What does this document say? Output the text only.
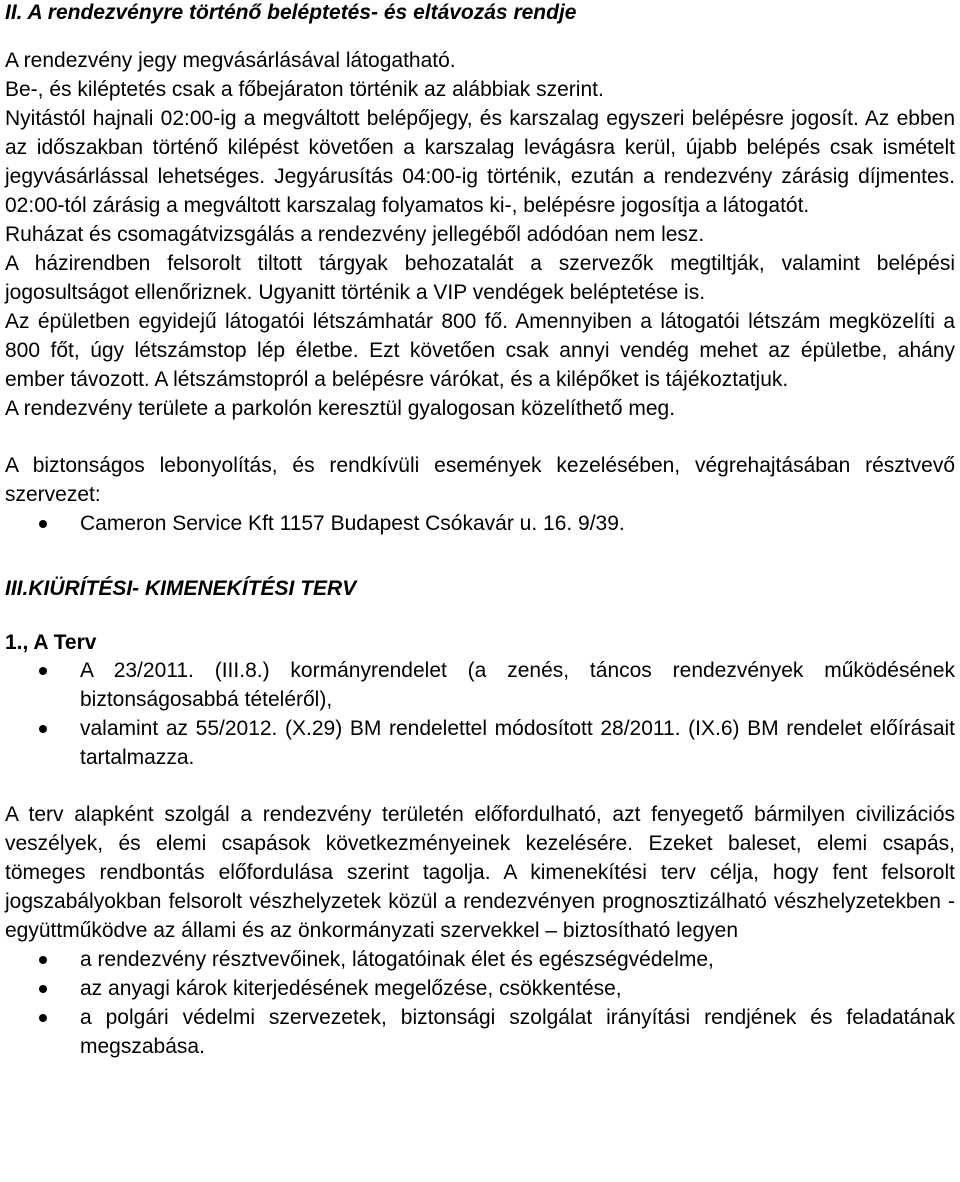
II. A rendezvényre történő beléptetés- és eltávozás rendje

A rendezvény jegy megvásárlásával látogatható.

Be-, és kiléptetés csak a főbejáraton történik az alábbiak szerint.

Nyitástól hajnali 02:00-ig a megváltott belépőjegy, és karszalag egyszeri belépésre jogosít. Az ebben az időszakban történő kilépést követően a karszalag levágásra kerül, újabb belépés csak ismételt jegyvásárlással lehetséges. Jegyárusítás 04:00-ig történik, ezután a rendezvény zárásig díjmentes. 02:00-tól zárásig a megváltott karszalag folyamatos ki-, belépésre jogosítja a látogatót.

Ruházat és csomagátvizsgálás a rendezvény jellegéből adódóan nem lesz.

A házirendben felsorolt tiltott tárgyak behozatalát a szervezők megtiltják, valamint belépési jogosultságot ellenőriznek. Ugyanitt történik a VIP vendégek beléptetése is.

Az épületben egyidejű látogatói létszámhatár 800 fő. Amennyiben a látogatói létszám megközelíti a 800 főt, úgy létszámstop lép életbe. Ezt követően csak annyi vendég mehet az épületbe, ahány ember távozott. A létszámstopról a belépésre várókat, és a kilépőket is tájékoztatjuk.

A rendezvény területe a parkolón keresztül gyalogosan közelíthető meg.

A biztonságos lebonyolítás, és rendkívüli események kezelésében, végrehajtásában résztvevő szervezet:

Cameron Service Kft 1157 Budapest Csókavár u. 16. 9/39.
III.KIÜRÍTÉSI- KIMENEKÍTÉSI TERV
1., A Terv
A 23/2011. (III.8.) kormányrendelet (a zenés, táncos rendezvények működésének biztonságosabbá tételéről),
valamint az 55/2012. (X.29) BM rendelettel módosított 28/2011. (IX.6) BM rendelet előírásait tartalmazza.

A terv alapként szolgál a rendezvény területén előfordulható, azt fenyegető bármilyen civilizációs veszélyek, és elemi csapások következményeinek kezelésére. Ezeket baleset, elemi csapás, tömeges rendbontás előfordulása szerint tagolja. A kimenekítési terv célja, hogy fent felsorolt jogszabályokban felsorolt vészhelyzetek közül a rendezvényen prognosztizálható vészhelyzetekben - együttműködve az állami és az önkormányzati szervekkel – biztosítható legyen

a rendezvény résztvevőinek, látogatóinak élet és egészségvédelme,
az anyagi károk kiterjedésének megelőzése, csökkentése,
a polgári védelmi szervezetek, biztonsági szolgálat irányítási rendjének és feladatának megszabása.
